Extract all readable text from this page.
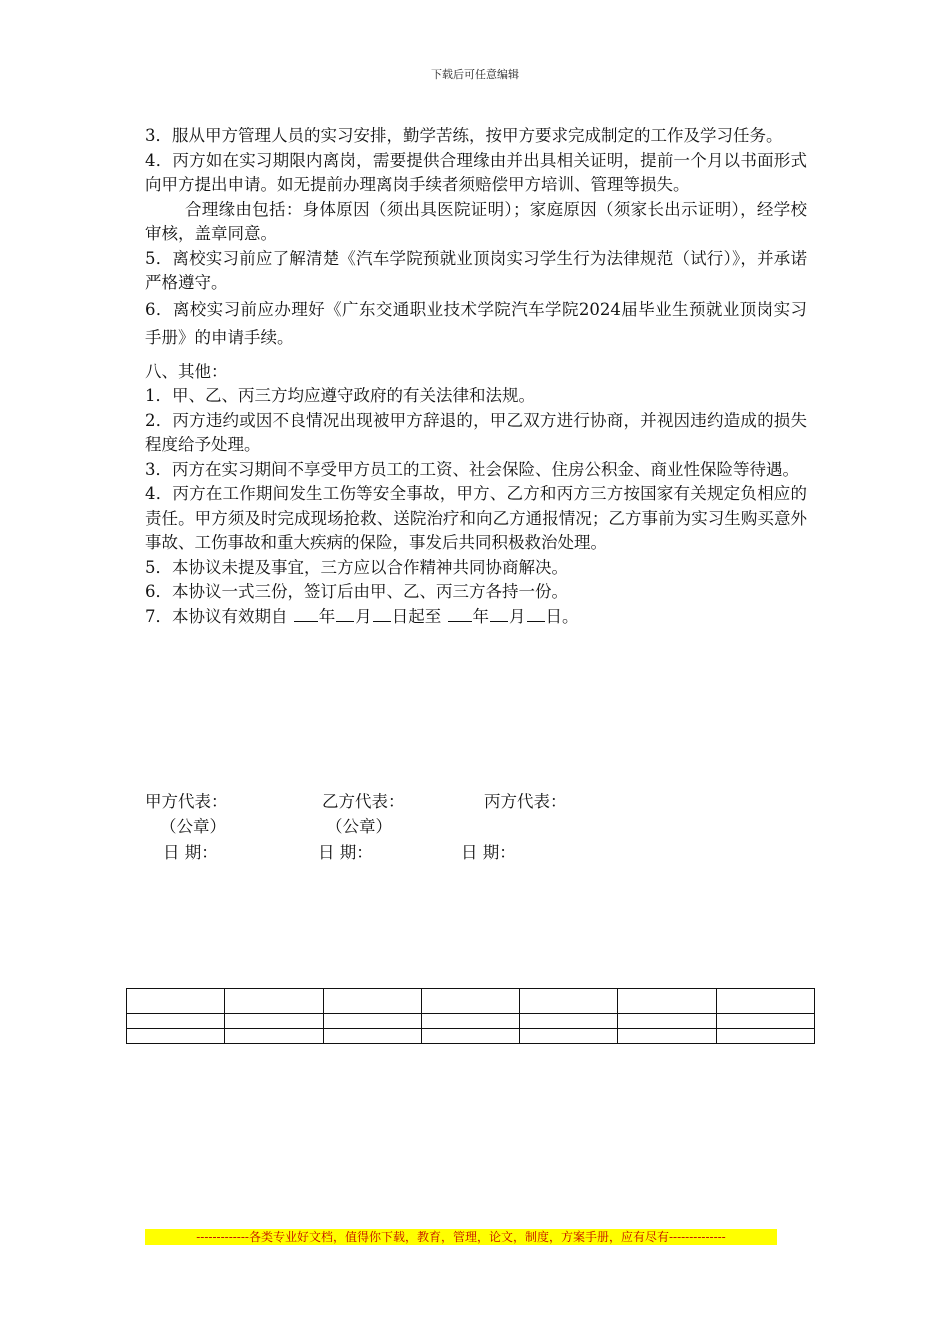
下载后可任意编辑

3．服从甲方管理人员的实习安排，勤学苦练，按甲方要求完成制定的工作及学习任务。

4．丙方如在实习期限内离岗，需要提供合理缘由并出具相关证明，提前一个月以书面形式向甲方提出申请。如无提前办理离岗手续者须赔偿甲方培训、管理等损失。

合理缘由包括：身体原因（须出具医院证明）；家庭原因（须家长出示证明），经学校审核，盖章同意。

5．离校实习前应了解清楚《汽车学院预就业顶岗实习学生行为法律规范（试行）》，并承诺严格遵守。

6．离校实习前应办理好《广东交通职业技术学院汽车学院2024届毕业生预就业顶岗实习手册》的申请手续。

八、其他：

1．甲、乙、丙三方均应遵守政府的有关法律和法规。

2．丙方违约或因不良情况出现被甲方辞退的，甲乙双方进行协商，并视因违约造成的损失程度给予处理。

3．丙方在实习期间不享受甲方员工的工资、社会保险、住房公积金、商业性保险等待遇。

4．丙方在工作期间发生工伤等安全事故，甲方、乙方和丙方三方按国家有关规定负相应的责任。甲方须及时完成现场抢救、送院治疗和向乙方通报情况；乙方事前为实习生购买意外事故、工伤事故和重大疾病的保险，事发后共同积极救治处理。

5．本协议未提及事宜，三方应以合作精神共同协商解决。

6．本协议一式三份，签订后由甲、乙、丙三方各持一份。

7．本协议有效期自 年 月 日起至 年 月 日。

甲方代表：	乙方代表：	丙方代表：
（公章）	（公章）
日 期：	日 期：	日 期：

-------------各类专业好文档，值得你下载，教育，管理，论文，制度，方案手册，应有尽有--------------
